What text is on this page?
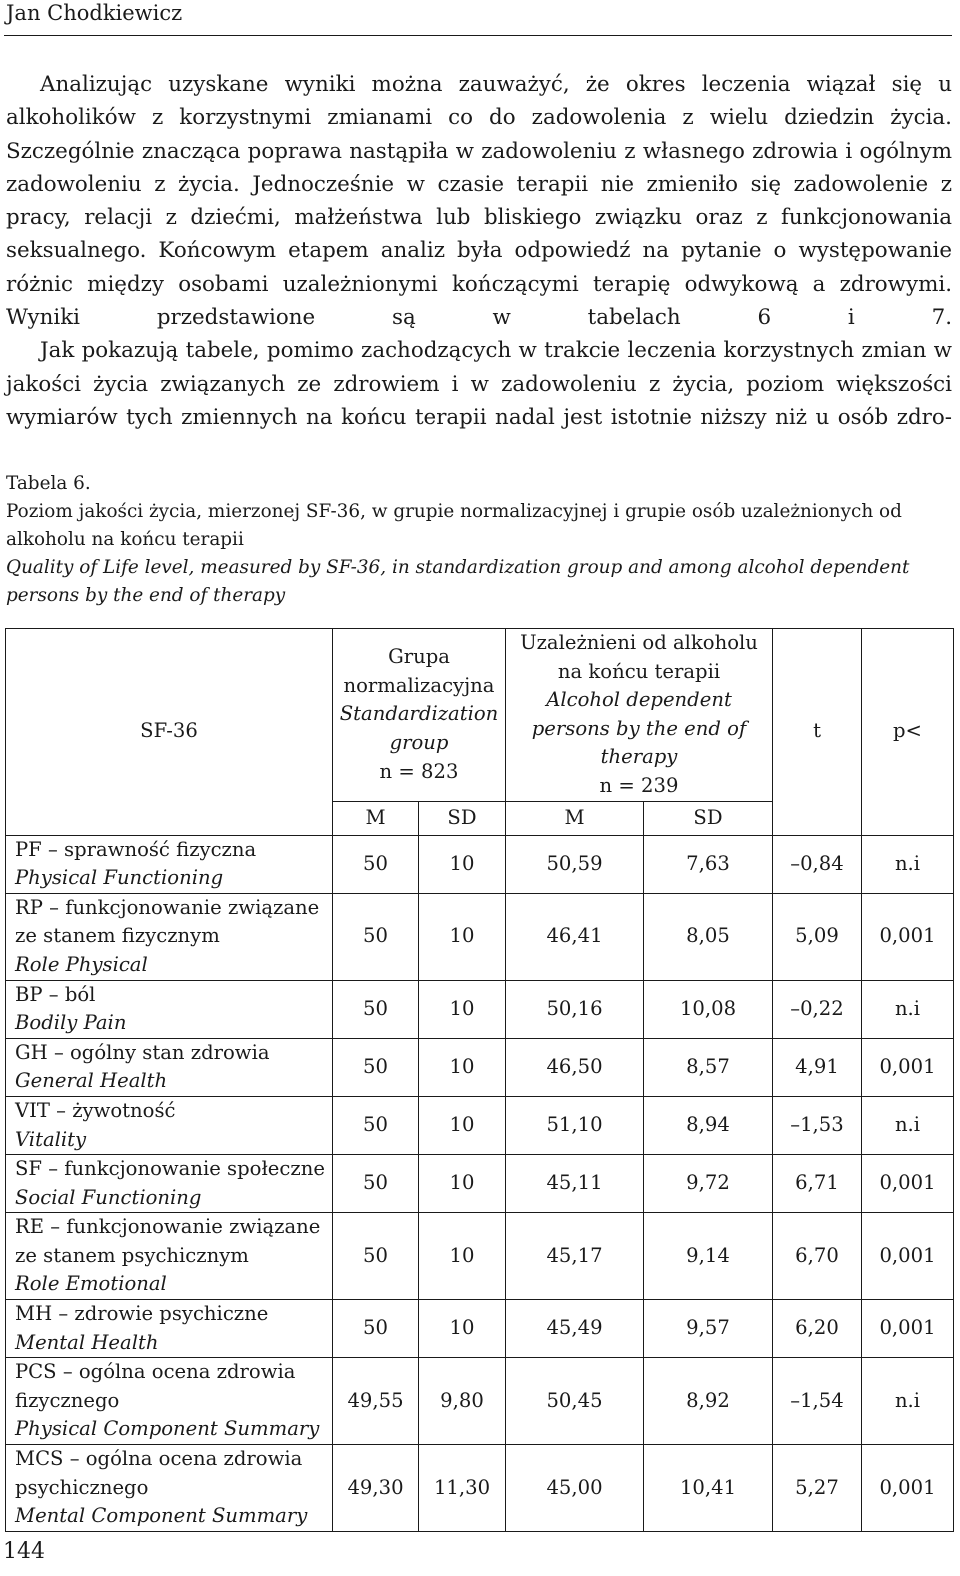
Jan Chodkiewicz

Analizując uzyskane wyniki można zauważyć, że okres leczenia wiązał się u alkoholików z korzystnymi zmianami co do zadowolenia z wielu dziedzin życia. Szczególnie znacząca poprawa nastąpiła w zadowoleniu z własnego zdrowia i ogólnym zadowoleniu z życia. Jednocześnie w czasie terapii nie zmieniło się zadowolenie z pracy, relacji z dziećmi, małżeństwa lub bliskiego związku oraz z funkcjonowania seksualnego. Końcowym etapem analiz była odpowiedź na pytanie o występowanie różnic między osobami uzależnionymi kończącymi terapię odwykową a zdrowymi. Wyniki przedstawione są w tabelach 6 i 7.

Jak pokazują tabele, pomimo zachodzących w trakcie leczenia korzystnych zmian w jakości życia związanych ze zdrowiem i w zadowoleniu z życia, poziom większości wymiarów tych zmiennych na końcu terapii nadal jest istotnie niższy niż u osób zdro-

Tabela 6.
Poziom jakości życia, mierzonej SF-36, w grupie normalizacyjnej i grupie osób uzależnionych od alkoholu na końcu terapii
Quality of Life level, measured by SF-36, in standardization group and among alcohol dependent persons by the end of therapy
SF-36	Grupa normalizacyjna
Standardization group
n = 823		Uzależnieni od alkoholu na końcu terapii
Alcohol dependent persons by the end of therapy
n = 239		t	p<
	M	SD	M	SD		

PF – sprawność fizyczna
Physical Functioning	50	10	50,59	7,63	–0,84	n.i

RP – funkcjonowanie związane ze stanem fizycznym
Role Physical	50	10	46,41	8,05	5,09	0,001

BP – ból
Bodily Pain	50	10	50,16	10,08	–0,22	n.i

GH – ogólny stan zdrowia
General Health	50	10	46,50	8,57	4,91	0,001

VIT – żywotność
Vitality	50	10	51,10	8,94	–1,53	n.i

SF – funkcjonowanie społeczne
Social Functioning	50	10	45,11	9,72	6,71	0,001

RE – funkcjonowanie związane ze stanem psychicznym
Role Emotional	50	10	45,17	9,14	6,70	0,001

MH – zdrowie psychiczne
Mental Health	50	10	45,49	9,57	6,20	0,001

PCS – ogólna ocena zdrowia fizycznego
Physical Component Summary	49,55	9,80	50,45	8,92	–1,54	n.i

MCS – ogólna ocena zdrowia psychicznego
Mental Component Summary	49,30	11,30	45,00	10,41	5,27	0,001
144
